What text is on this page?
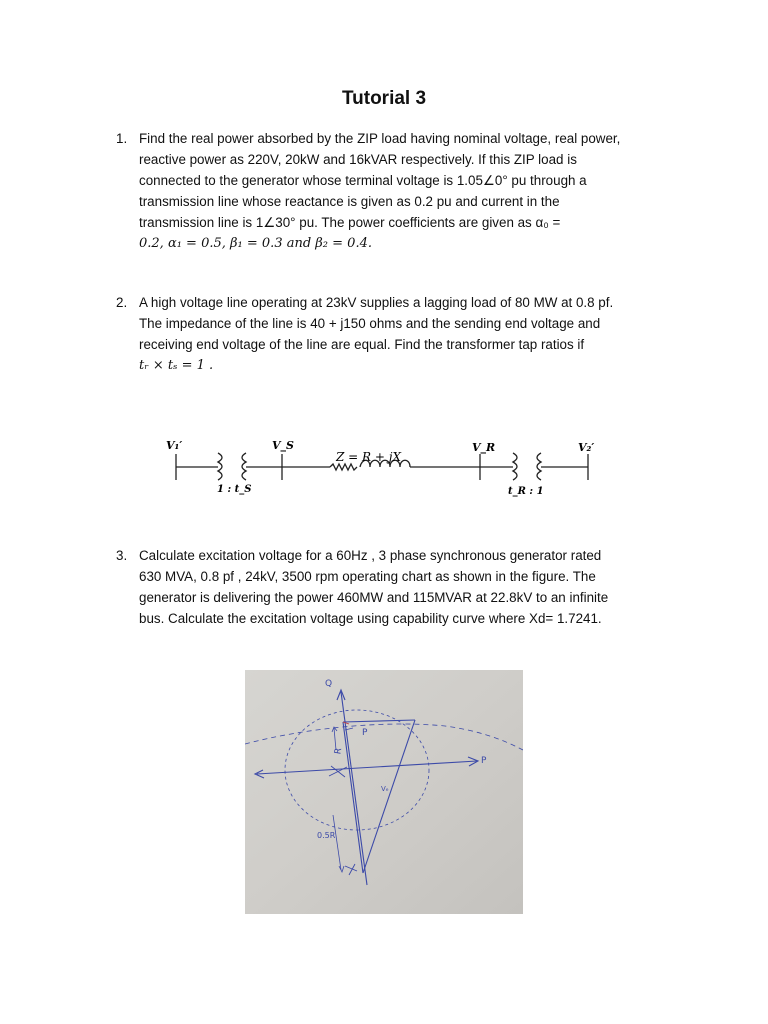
Tutorial 3
1. Find the real power absorbed by the ZIP load having nominal voltage, real power,
reactive power as 220V, 20kW and 16kVAR respectively. If this ZIP load is
connected to the generator whose terminal voltage is 1.05∠0° pu through a
transmission line whose reactance is given as 0.2 pu and current in the
transmission line is 1∠30° pu. The power coefficients are given as α₀ =
0.2, α₁ = 0.5, β₁ = 0.3 and β₂ = 0.4.
2. A high voltage line operating at 23kV supplies a lagging load of 80 MW at 0.8 pf.
The impedance of the line is 40 + j150 ohms and the sending end voltage and
receiving end voltage of the line are equal. Find the transformer tap ratios if
tᵣ × tₛ = 1 .
V₁′	V_S
Z = R + jX
V_R	V₂′
1 : t_S	t_R : 1
3. Calculate excitation voltage for a 60Hz , 3 phase synchronous generator rated
630 MVA, 0.8 pf , 24kV, 3500 rpm operating chart as shown in the figure. The
generator is delivering the power 460MW and 115MVAR at 22.8kV to an infinite
bus. Calculate the excitation voltage using capability curve where Xd= 1.7241.
Q
P
R
P
Vₑ
0.5R
